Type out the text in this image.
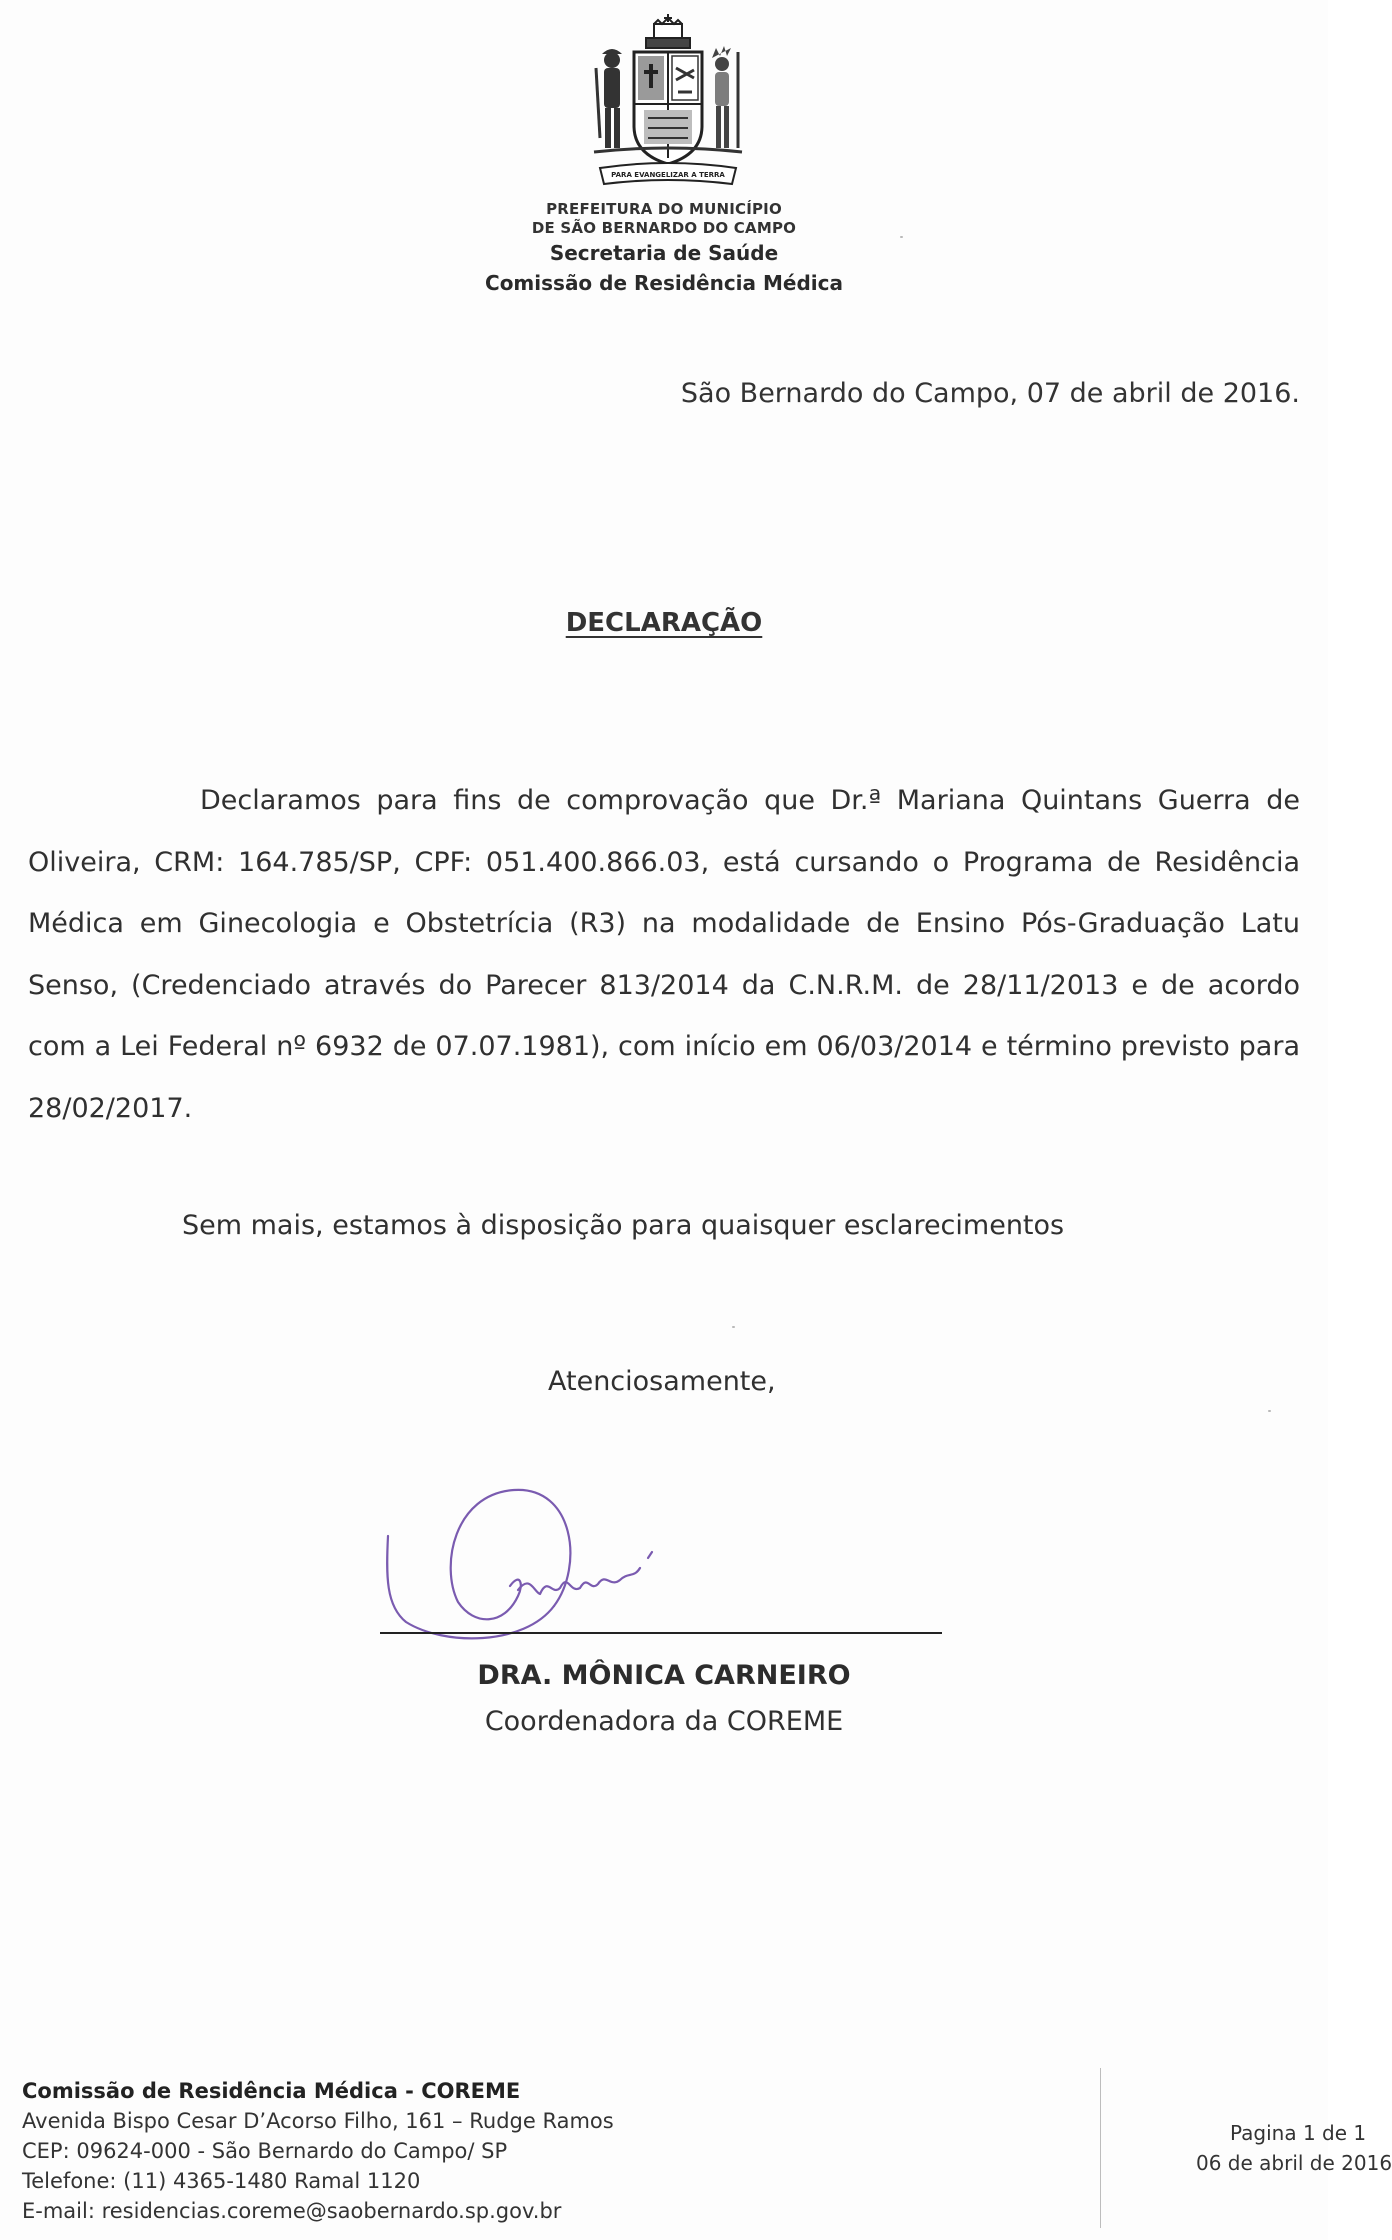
PARA EVANGELIZAR A TERRA
PREFEITURA DO MUNICÍPIO
DE SÃO BERNARDO DO CAMPO
Secretaria de Saúde
Comissão de Residência Médica
São Bernardo do Campo, 07 de abril de 2016.
DECLARAÇÃO

Declaramos para fins de comprovação que Dr.ª Mariana Quintans Guerra de Oliveira, CRM: 164.785/SP, CPF: 051.400.866.03, está cursando o Programa de Residência Médica em Ginecologia e Obstetrícia (R3) na modalidade de Ensino Pós-Graduação Latu Senso, (Credenciado através do Parecer 813/2014 da C.N.R.M. de 28/11/2013 e de acordo com a Lei Federal nº 6932 de 07.07.1981), com início em 06/03/2014 e término previsto para 28/02/2017.

Sem mais, estamos à disposição para quaisquer esclarecimentos
Atenciosamente,
DRA. MÔNICA CARNEIRO
Coordenadora da COREME
Comissão de Residência Médica - COREME
Avenida Bispo Cesar D’Acorso Filho, 161 – Rudge Ramos
CEP: 09624-000 - São Bernardo do Campo/ SP
Telefone: (11) 4365-1480 Ramal 1120
E-mail: residencias.coreme@saobernardo.sp.gov.br
Pagina 1 de 1
06 de abril de 2016
